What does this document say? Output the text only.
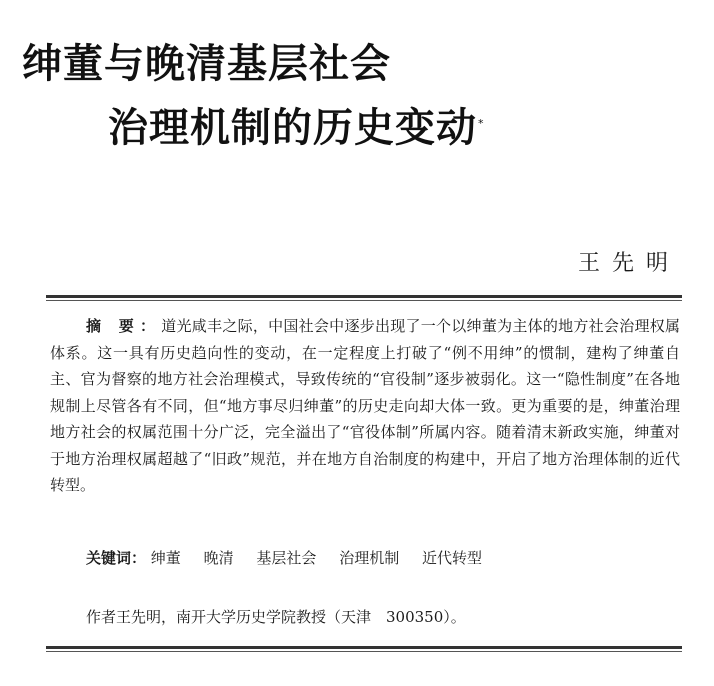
绅董与晚清基层社会
治理机制的历史变动*
王先明

摘 要：道光咸丰之际，中国社会中逐步出现了一个以绅董为主体的地方社会治理权属体系。这一具有历史趋向性的变动，在一定程度上打破了“例不用绅”的惯制，建构了绅董自主、官为督察的地方社会治理模式，导致传统的“官役制”逐步被弱化。这一“隐性制度”在各地规制上尽管各有不同，但“地方事尽归绅董”的历史走向却大体一致。更为重要的是，绅董治理地方社会的权属范围十分广泛，完全溢出了“官役体制”所属内容。随着清末新政实施，绅董对于地方治理权属超越了“旧政”规范，并在地方自治制度的构建中，开启了地方治理体制的近代转型。

关键词： 绅董 晚清 基层社会 治理机制 近代转型
作者王先明，南开大学历史学院教授（天津　300350）。
